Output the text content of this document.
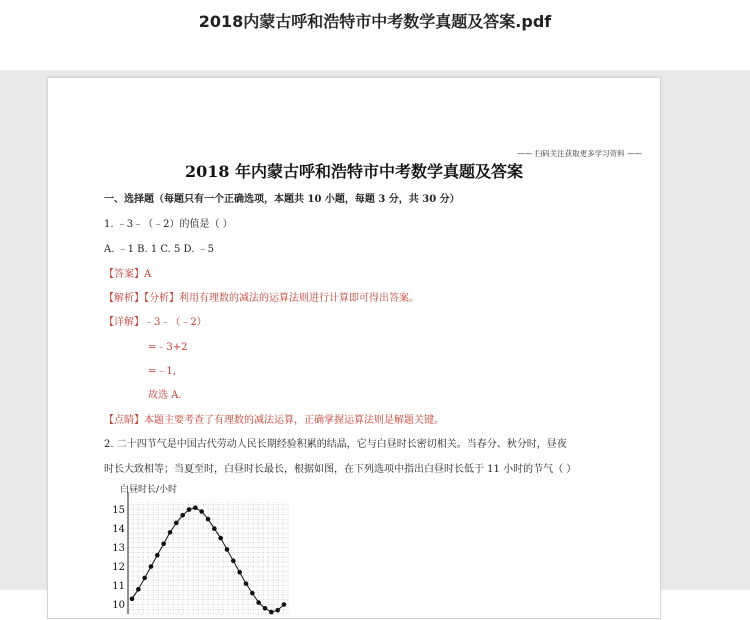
2018内蒙古呼和浩特市中考数学真题及答案.pdf
—— 扫码关注获取更多学习资料 ——
2018 年内蒙古呼和浩特市中考数学真题及答案
一、选择题（每题只有一个正确选项，本题共 10 小题，每题 3 分，共 30 分）
1. ﹣3﹣（﹣2）的值是（ ）
A. ﹣1 B. 1 C. 5 D. ﹣5
【答案】A
【解析】【分析】利用有理数的减法的运算法则进行计算即可得出答案。
【详解】﹣3﹣（﹣2）
=﹣3+2
=﹣1,
故选 A.
【点睛】本题主要考查了有理数的减法运算，正确掌握运算法则是解题关键。
2. 二十四节气是中国古代劳动人民长期经验积累的结晶，它与白昼时长密切相关。当春分、秋分时，昼夜
时长大致相等；当夏至时，白昼时长最长，根据如图，在下列选项中指出白昼时长低于 11 小时的节气（ ）
白昼时长/小时
10
11
12
13
14
15
